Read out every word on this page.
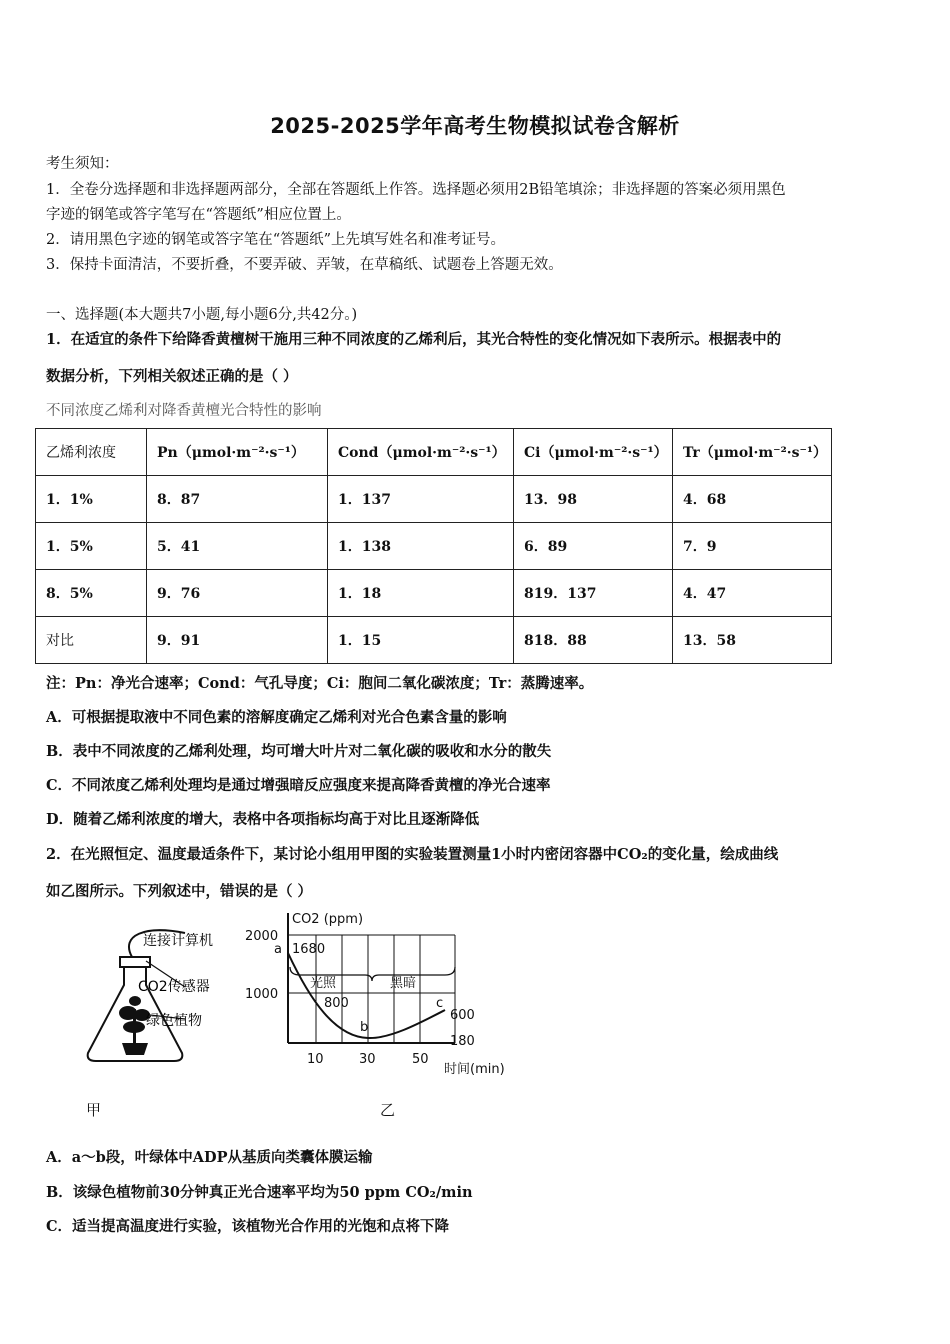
2025-2025学年高考生物模拟试卷含解析
考生须知：
1．全卷分选择题和非选择题两部分，全部在答题纸上作答。选择题必须用2B铅笔填涂；非选择题的答案必须用黑色
字迹的钢笔或答字笔写在“答题纸”相应位置上。
2．请用黑色字迹的钢笔或答字笔在“答题纸”上先填写姓名和准考证号。
3．保持卡面清洁，不要折叠，不要弄破、弄皱，在草稿纸、试题卷上答题无效。
一、选择题(本大题共7小题,每小题6分,共42分。)
1．在适宜的条件下给降香黄檀树干施用三种不同浓度的乙烯利后，其光合特性的变化情况如下表所示。根据表中的
数据分析，下列相关叙述正确的是（ ）
不同浓度乙烯利对降香黄檀光合特性的影响
乙烯利浓度	Pn（μmol·m⁻²·s⁻¹）	Cond（μmol·m⁻²·s⁻¹）	Ci（μmol·m⁻²·s⁻¹）	Tr（μmol·m⁻²·s⁻¹）
1．1%	8．87	1．137	13．98	4．68
1．5%	5．41	1．138	6．89	7．9
8．5%	9．76	1．18	819．137	4．47
对比	9．91	1．15	818．88	13．58
注：Pn：净光合速率；Cond：气孔导度；Ci：胞间二氧化碳浓度；Tr：蒸腾速率。
A．可根据提取液中不同色素的溶解度确定乙烯利对光合色素含量的影响
B．表中不同浓度的乙烯利处理，均可增大叶片对二氧化碳的吸收和水分的散失
C．不同浓度乙烯利处理均是通过增强暗反应强度来提高降香黄檀的净光合速率
D．随着乙烯利浓度的增大，表格中各项指标均高于对比且逐渐降低
2．在光照恒定、温度最适条件下，某讨论小组用甲图的实验装置测量1小时内密闭容器中CO₂的变化量，绘成曲线
如乙图所示。下列叙述中，错误的是（ ）
连接计算机
CO2传感器
绿色植物
甲
CO2 (ppm)
时间(min)
2000
1000
10	30	50
a
b
c
1680
800
600
180
光照	黑暗
乙
A．a～b段，叶绿体中ADP从基质向类囊体膜运输
B．该绿色植物前30分钟真正光合速率平均为50 ppm CO₂/min
C．适当提高温度进行实验，该植物光合作用的光饱和点将下降
